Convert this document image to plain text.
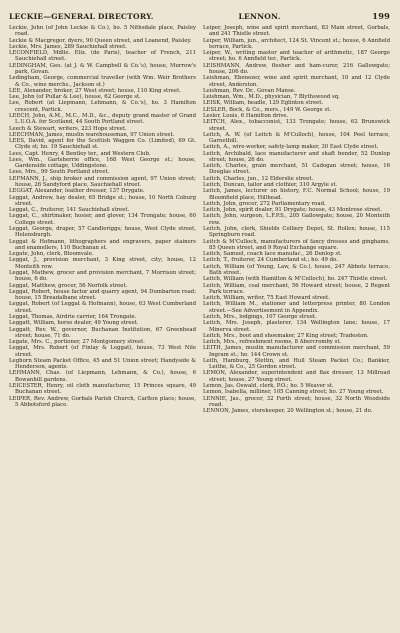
LECKIE—GENERAL DIRECTORY.	LENNON.	199

Leckie, John (of John Leckie & Co.), ho. 5 Nithsdale place, Paisley road.

Leckie & Macgregor, dyers, 90 Queen street, and Loanend, Paisley.

Leckie, Mrs. James, 289 Sauchiehall street.

LECONFIELD, Mdlle. Eliz. (de Paris), teacher of French, 211 Sauchiehall street.

LEDINGHAM, Geo. (at J. & W. Campbell & Co.'s), house, Murrow's park, Govan.

Ledingham, George, commercial traveller (with Wm. Weir Brothers & Co., wine merchs., Jackson st.)

LEE, Alexander, broker, 27 West street; house, 110 King street.

Lee, John (of Pullar & Lee), house, 62 George st.

Lee, Robert (at Liepmann, Lehmann, & Co.'s), ho. 3 Hamilton crescent, Partick.

LEECH, John, A.M., M.C., M.D., &c., deputy grand master of Grand L.U.O.A. for Scotland, 44 South Portland street.

Leech & Stewart, writers, 223 Hope street.

LEECHMAN, James, muslin warehouseman, 97 Union street.

LEES, David, agent for the Scottish Waggon Co. (Limited), 69 Gt. Clyde st; ho. 19 Sauchiehall st.

Lees, Capt. Henry, 4 Bentley ter., and Western Club.

Lees, Wm., Gartsherrie office, 168 West George st.; house, Gardenside cottage, Uddingstone.

Lees, Mrs., 99 South Portland street.

LEFMANN, J., ship broker and commission agent, 97 Union street; house, 26 Sandyford place, Sauchiehall street.

LEGGAT, Alexander, leather dresser, 137 Drygate.

Leggat, Andrew, hay dealer, 65 Bridge st.; house, 10 North Coburg street.

Leggat, C., fruiterer, 141 Sauchiehall street.

Leggat, C., shirtmaker, hosier, and glover, 134 Trongate; house, 60 College street.

Leggat, George, draper, 57 Candleriggs; house, West Clyde street, Helensburgh.

Leggat & Hofmann, lithographers and engravers, paper stainers and enamellers, 110 Buchanan st.

Legate, John, clerk, Bloomvale.

Leggat, J., provision merchant, 3 King street, city; house, 12 Monteith row.

Leggat, Mathew, grocer and provision merchant, 7 Morrison street; house, 6 do.

Leggat, Matthew, grocer, 56 Norfolk street.

Leggat, Robert, house factor and quarry agent, 94 Dumbarton road; house, 15 Breadalbane street.

Leggat, Robert (of Leggat & Hofmann), house, 63 West Cumberland street.

Leggat, Thomas, Airdrie carrier, 164 Trongate.

Leggatt, William, horse dealer, 49 Young street.

Leggatt, Rev. W., governor, Buchanan Institution, 67 Greenhead street; house, 71 do.

Legate, Mrs. C., portioner, 27 Montgomery street.

Leggat, Mrs. Robert (of Finlay & Leggat), house, 73 West Nile street.

Leghorn Steam Packet Office, 45 and 51 Union street; Handyside & Henderson, agents.

LEHMANN, Chas. (of Liepmann, Lehmann, & Co.), house, 6 Bowanhill gardens.

LEICESTER, Henry, oil cloth manufacturer, 15 Princes square, 49 Buchanan street.

LEIPER, Rev. Andrew, Gorbals Parish Church, Carlton place; house, 5 Abbotsford place.

Leiper, Joseph, wine and spirit merchant, 83 Main street, Gorbals, and 241 Thistle street.

Leiper, William, jun., architect, 124 St. Vincent st.; house, 6 Annfield terrace, Partick.

Leiper, W., writing master and teacher of arithmetic, 187 George street; ho. 6 Annfield ter., Partick.

LEISHMANN, Andrew, flesher and ham-curer, 216 Gallowgate; house, 206 do.

Leishman, Ebenezer, wine and spirit merchant, 10 and 12 Clyde street, Anderston.

Leishman, Rev. Dr., Govan Manse.

Leishman, Wm., M.D., physician, 7 Blythswood sq.

LEISK, William, beadle, 129 Eglinton street.

LESLER, Bock, & Co., mers., 149 W. George st.

Lesler, Louis, 6 Hamilton drive.

LEITCH, Alex., tobacconist, 133 Trongate; house, 62 Brunswick street.

Leitch, A. W. (of Leitch & M'Culloch), house, 104 Peel terrace, Garnethill.

Leitch, A., wire-worker, safety-lamp maker, 30 East Clyde street.

Leitch, Archibald, lace manufacturer and shaft bender, 52 Dunlop street; house, 26 do.

Leitch, Charles, grain merchant, 51 Cadogan street; house, 16 Douglas street.

Leitch, Charles, jun., 12 Elderslie street.

Leitch, Duncan, tailor and clothier, 310 Argyle st.

Leitch, James, lecturer on history, F.C. Normal School; house, 19 Bloomfield place, Hillhead.

Leitch, John, grocer, 272 Parliamentary road.

Leitch, John, spirit dealer, 91 Drygate; house, 43 Montrose street.

Leitch, John, surgeon, L.F.P.S., 205 Gallowgate; house, 20 Monteith row.

Leitch, John, clerk, Shields Colliery Depot, St. Rollox; house, 115 Springburn road.

Leitch & M'Culloch, manufacturers of fancy dresses and ginghams, 85 Queen street, and 9 Royal Exchange square.

Leitch, Samuel, coach lace manufac., 26 Dunlop st.

Leitch, T., fruiterer, 24 Cumberland st.; ho. 49 do.

Leitch, William (of Young, Law, & Co.), house, 247 Abbots terrace, Bath street.

Leitch, William (with Hamilton & M'Culloch), ho. 247 Thistle street.

Leitch, William, coal merchant, 56 Howard street; house, 2 Regent Park terrace.

Leitch, William, writer, 75 East Howard street.

Leitch, William M., stationer and letterpress printer, 80 London street.—See Advertisement in Appendix.

Leitch, Mrs., lodgings, 107 George street.

Leitch, Mrs. Joseph, plasterer, 134 Wellington lane; house, 17 Minerva street.

Leitch, Mrs., boot and shoemaker, 27 King street; Tradeston.

Leitch, Mrs., refreshment rooms, 8 Abercromby st.

LEITH, James, muslin manufacturer and commission merchant, 59 Ingram st.; ho. 144 Crown st.

Leith, Hamburg, Stettin, and Hull Steam Packet Co.; Bankier, Leithe, & Co., 25 Gordon street.

LEMON, Alexander, superintendent and flax dresser, 13 Millroad street; house, 27 Young street.

Lemon, Jas. Oswald, clerk, P.O.; ho. 5 Weaver st.

Lemon, Isabella, milliner, 105 Canning street; ho. 27 Young street.

LENNIE, Jas., grocer, 32 Forth street; house, 32 North Woodside road.

LENNON, James, storekeeper, 20 Wellington st.; house, 21 do.
